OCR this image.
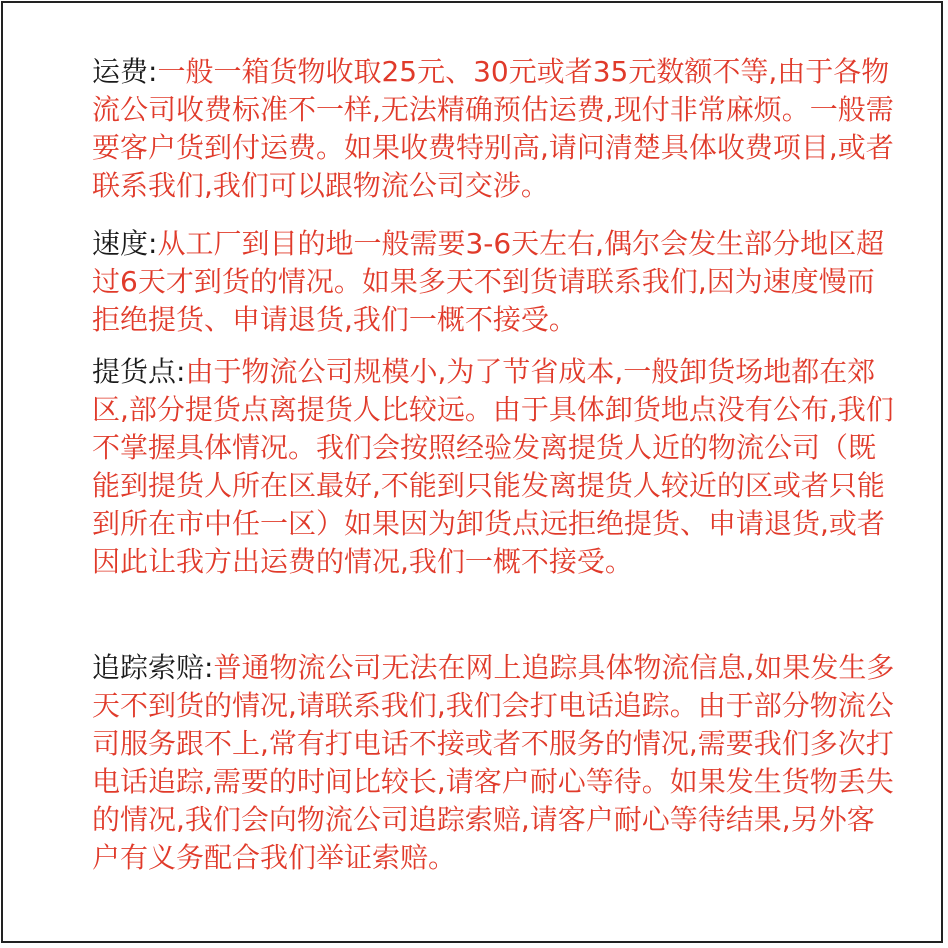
运费:一般一箱货物收取25元、30元或者35元数额不等,由于各物流公司收费标准不一样,无法精确预估运费,现付非常麻烦。一般需要客户货到付运费。如果收费特别高,请问清楚具体收费项目,或者联系我们,我们可以跟物流公司交涉。

速度:从工厂到目的地一般需要3-6天左右,偶尔会发生部分地区超过6天才到货的情况。如果多天不到货请联系我们,因为速度慢而拒绝提货、申请退货,我们一概不接受。

提货点:由于物流公司规模小,为了节省成本,一般卸货场地都在郊区,部分提货点离提货人比较远。由于具体卸货地点没有公布,我们不掌握具体情况。我们会按照经验发离提货人近的物流公司（既能到提货人所在区最好,不能到只能发离提货人较近的区或者只能到所在市中任一区）如果因为卸货点远拒绝提货、申请退货,或者因此让我方出运费的情况,我们一概不接受。

追踪索赔:普通物流公司无法在网上追踪具体物流信息,如果发生多天不到货的情况,请联系我们,我们会打电话追踪。由于部分物流公司服务跟不上,常有打电话不接或者不服务的情况,需要我们多次打电话追踪,需要的时间比较长,请客户耐心等待。如果发生货物丢失的情况,我们会向物流公司追踪索赔,请客户耐心等待结果,另外客户有义务配合我们举证索赔。
